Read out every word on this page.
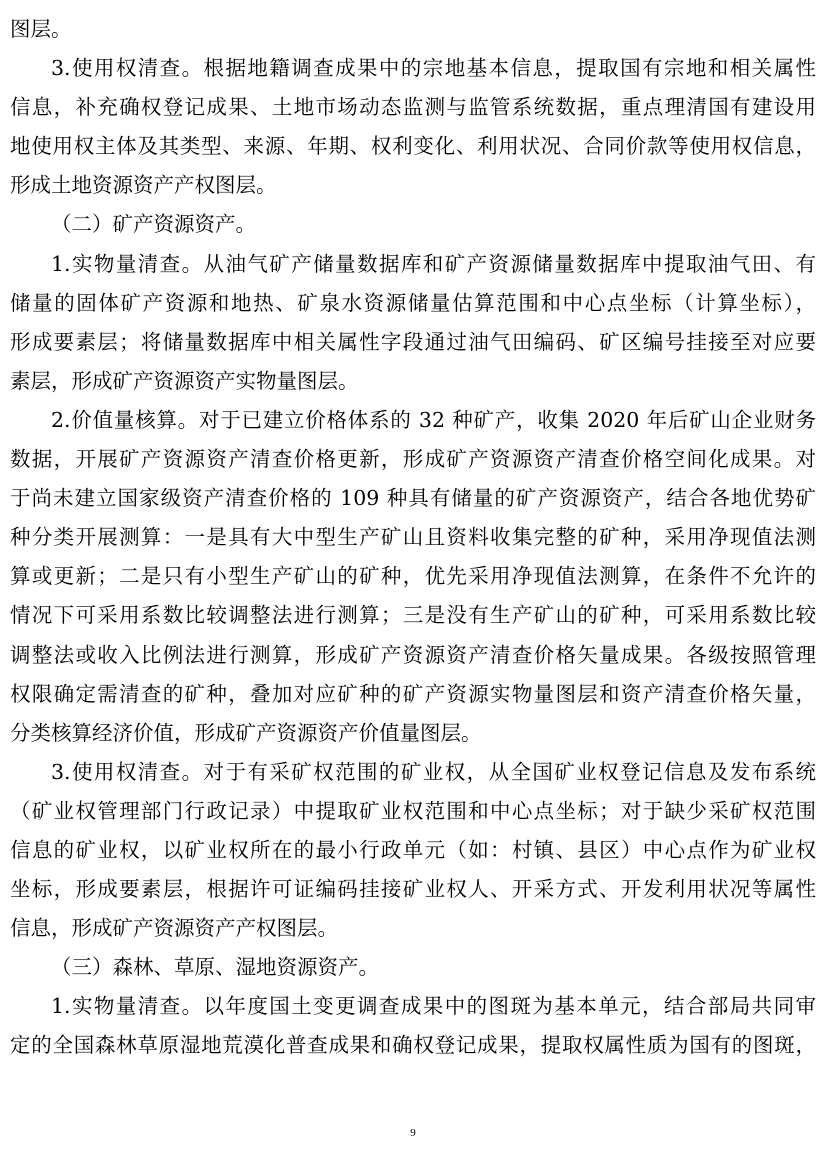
图层。
3.使用权清查。根据地籍调查成果中的宗地基本信息，提取国有宗地和相关属性
信息，补充确权登记成果、土地市场动态监测与监管系统数据，重点理清国有建设用
地使用权主体及其类型、来源、年期、权利变化、利用状况、合同价款等使用权信息，
形成土地资源资产产权图层。
（二）矿产资源资产。
1.实物量清查。从油气矿产储量数据库和矿产资源储量数据库中提取油气田、有
储量的固体矿产资源和地热、矿泉水资源储量估算范围和中心点坐标（计算坐标），
形成要素层；将储量数据库中相关属性字段通过油气田编码、矿区编号挂接至对应要
素层，形成矿产资源资产实物量图层。
2.价值量核算。对于已建立价格体系的 32 种矿产，收集 2020 年后矿山企业财务
数据，开展矿产资源资产清查价格更新，形成矿产资源资产清查价格空间化成果。对
于尚未建立国家级资产清查价格的 109 种具有储量的矿产资源资产，结合各地优势矿
种分类开展测算：一是具有大中型生产矿山且资料收集完整的矿种，采用净现值法测
算或更新；二是只有小型生产矿山的矿种，优先采用净现值法测算，在条件不允许的
情况下可采用系数比较调整法进行测算；三是没有生产矿山的矿种，可采用系数比较
调整法或收入比例法进行测算，形成矿产资源资产清查价格矢量成果。各级按照管理
权限确定需清查的矿种，叠加对应矿种的矿产资源实物量图层和资产清查价格矢量，
分类核算经济价值，形成矿产资源资产价值量图层。
3.使用权清查。对于有采矿权范围的矿业权，从全国矿业权登记信息及发布系统
（矿业权管理部门行政记录）中提取矿业权范围和中心点坐标；对于缺少采矿权范围
信息的矿业权，以矿业权所在的最小行政单元（如：村镇、县区）中心点作为矿业权
坐标，形成要素层，根据许可证编码挂接矿业权人、开采方式、开发利用状况等属性
信息，形成矿产资源资产产权图层。
（三）森林、草原、湿地资源资产。
1.实物量清查。以年度国土变更调查成果中的图斑为基本单元，结合部局共同审
定的全国森林草原湿地荒漠化普查成果和确权登记成果，提取权属性质为国有的图斑，
9
